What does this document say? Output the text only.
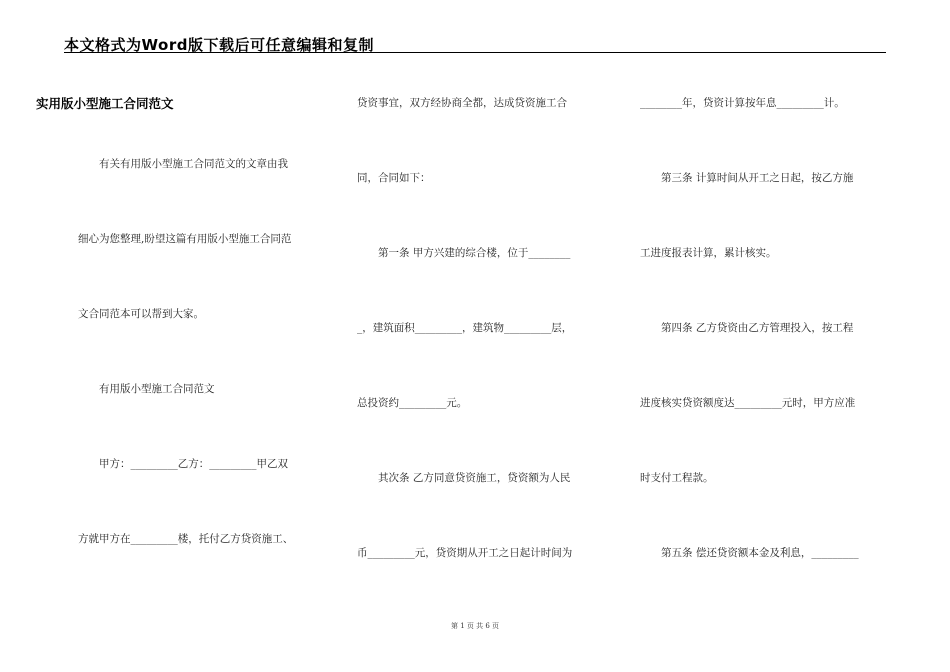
本文格式为Word版下载后可任意编辑和复制
实用版小型施工合同范文
　　有关有用版小型施工合同范文的文章由我
细心为您整理,盼望这篇有用版小型施工合同范
文合同范本可以帮到大家。
　　有用版小型施工合同范文
　　甲方：_________乙方：_________甲乙双
方就甲方在_________楼，托付乙方贷资施工、
贷资事宜，双方经协商全都，达成贷资施工合
同，合同如下：
　　第一条 甲方兴建的综合楼，位于________
_，建筑面积_________，建筑物_________层，
总投资约_________元。
　　其次条 乙方同意贷资施工，贷资额为人民
币_________元，贷资期从开工之日起计时间为
________年，贷资计算按年息_________计。
　　第三条 计算时间从开工之日起，按乙方施
工进度报表计算，累计核实。
　　第四条 乙方贷资由乙方管理投入，按工程
进度核实贷资额度达_________元时，甲方应准
时支付工程款。
　　第五条 偿还贷资额本金及利息，_________
第 1 页 共 6 页
